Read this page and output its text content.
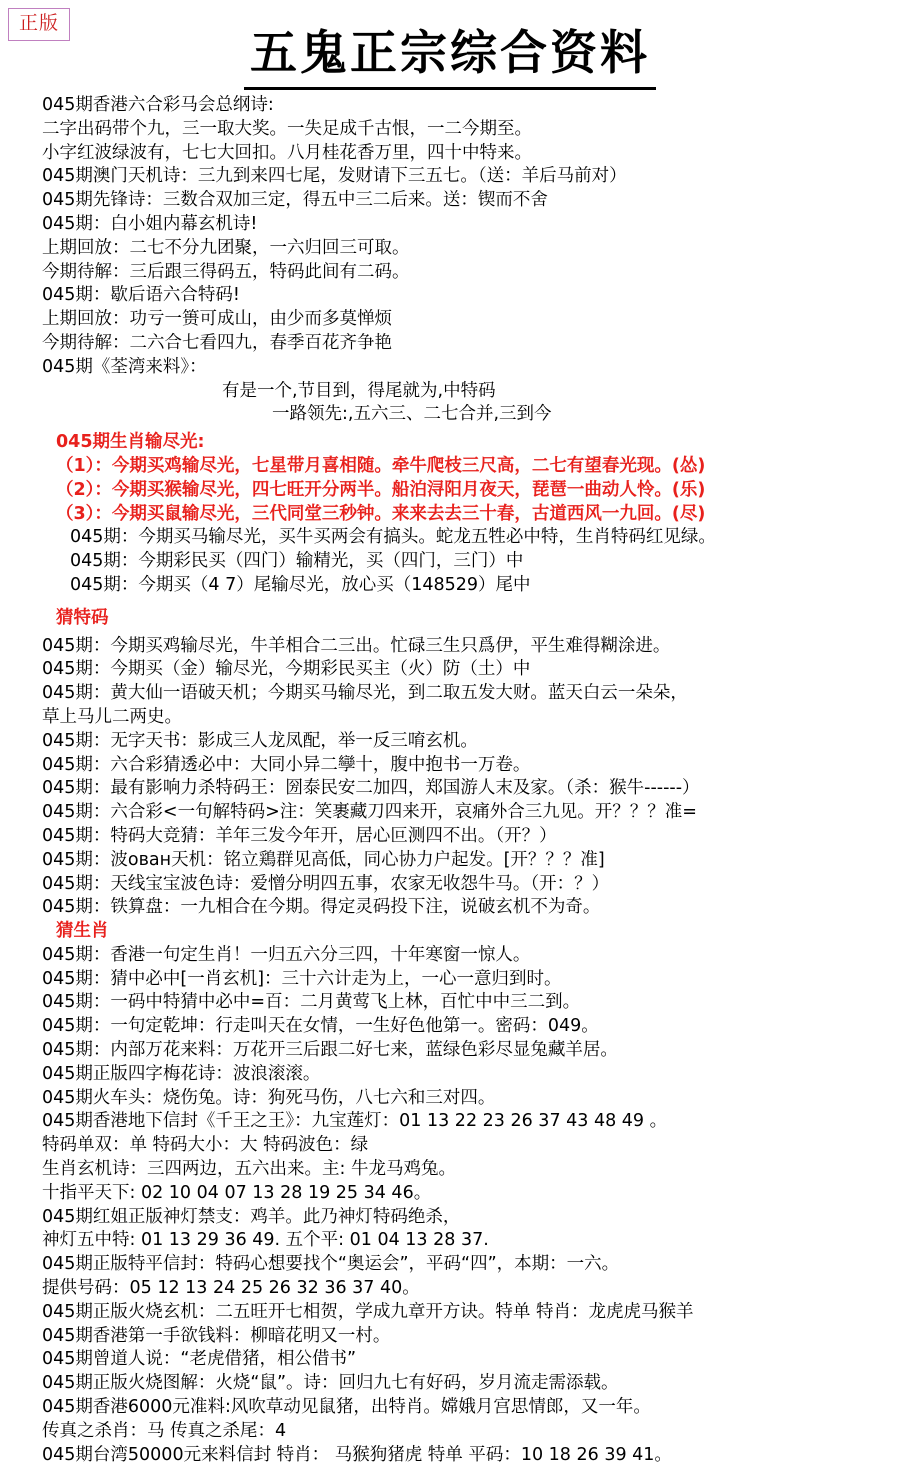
正版
五鬼正宗综合资料
045期香港六合彩马会总纲诗:
二字出码带个九，三一取大奖。一失足成千古恨，一二今期至。
小字红波绿波有，七七大回扣。八月桂花香万里，四十中特来。
045期澳门天机诗：三九到来四七尾，发财请下三五七。（送：羊后马前对）
045期先锋诗：三数合双加三定，得五中三二后来。送：锲而不舍
045期：白小姐内幕玄机诗!
上期回放：二七不分九团聚，一六归回三可取。
今期待解：三后跟三得码五，特码此间有二码。
045期：歇后语六合特码!
上期回放：功亏一篑可成山，由少而多莫惮烦
今期待解：二六合七看四九，春季百花齐争艳
045期《荃湾来料》：
有是一个,节目到，得尾就为,中特码
一路领先:,五六三、二七合并,三到今
045期生肖输尽光:
（1）：今期买鸡输尽光，七星带月喜相随。牵牛爬枝三尺高，二七有望春光现。(怂)
（2）：今期买猴输尽光，四七旺开分两半。船泊浔阳月夜天，琵琶一曲动人怜。(乐)
（3）：今期买鼠输尽光，三代同堂三秒钟。来来去去三十春，古道西风一九回。(尽)
045期：今期买马输尽光，买牛买两会有搞头。蛇龙五牲必中特，生肖特码红见绿。
045期：今期彩民买（四门）输精光，买（四门，三门）中
045期：今期买（4 7）尾输尽光，放心买（148529）尾中
猜特码
045期：今期买鸡输尽光，牛羊相合二三出。忙碌三生只爲伊，平生难得糊涂进。
045期：今期买（金）输尽光，今期彩民买主（火）防（土）中
045期：黄大仙一语破天机；今期买马输尽光，到二取五发大财。蓝天白云一朵朵，
草上马儿二两史。
045期：无字天书：影成三人龙凤配，举一反三唷玄机。
045期：六合彩猜透必中：大同小异二孿十，腹中抱书一万卷。
045期：最有影响力杀特码王：圀泰民安二加四，郑国游人末及家。（杀：猴牛------）
045期：六合彩<一句解特码>注：笑裹藏刀四来开，哀痛外合三九见。开？？？准=
045期：特码大竞猜：羊年三发今年开，居心叵测四不出。（开？）
045期：波ован天机：铭立鶏群见高低，同心协力户起发。[开？？？准]
045期：天线宝宝波色诗：爱憎分明四五事，农家无收怨牛马。（开：？）
045期：铁算盘：一九相合在今期。得定灵码投下注，说破玄机不为奇。
猜生肖
045期：香港一句定生肖！一归五六分三四，十年寒窗一惊人。
045期：猜中必中[一肖玄机]：三十六计走为上，一心一意归到时。
045期：一码中特猜中必中=百：二月黄莺飞上林，百忙中中三二到。
045期：一句定乾坤：行走叫天在女情，一生好色他第一。密码：049。
045期：内部万花来料：万花开三后跟二好七来，蓝绿色彩尽显兔藏羊居。
045期正版四字梅花诗：波浪滚滚。
045期火车头：烧伤兔。诗：狗死马伤，八七六和三对四。
045期香港地下信封《千王之王》：九宝莲灯：01 13 22 23 26 37 43 48 49 。
特码单双：单 特码大小：大 特码波色：绿
生肖玄机诗：三四两边，五六出来。主: 牛龙马鸡兔。
十指平天下: 02 10 04 07 13 28 19 25 34 46。
045期红姐正版神灯禁支：鸡羊。此乃神灯特码绝杀，
神灯五中特: 01 13 29 36 49. 五个平: 01 04 13 28 37.
045期正版特平信封：特码心想要找个“奥运会”，平码“四”，本期：一六。
提供号码：05 12 13 24 25 26 32 36 37 40。
045期正版火烧玄机：二五旺开七相贺，学成九章开方诀。特单 特肖：龙虎虎马猴羊
045期香港第一手欲钱料：柳暗花明又一村。
045期曾道人说：“老虎借猪，相公借书”
045期正版火烧图解：火烧“鼠”。诗：回归九七有好码，岁月流走需添载。
045期香港6000元准料:风吹草动见鼠猪，出特肖。嫦娥月宫思情郎，又一年。
传真之杀肖：马 传真之杀尾：4
045期台湾50000元来料信封 特肖： 马猴狗猪虎 特单 平码：10 18 26 39 41。
